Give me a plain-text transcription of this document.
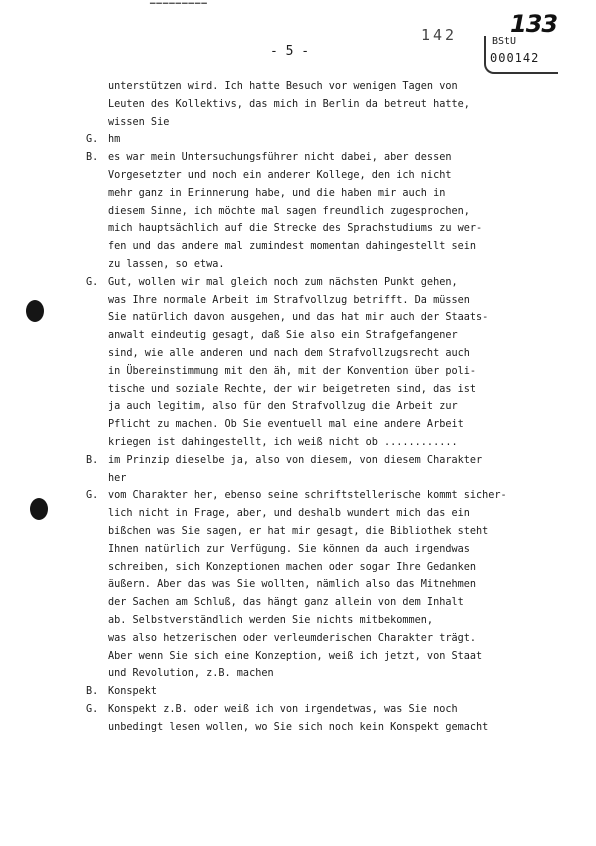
▔▔▔▔▔▔▔▔▔
- 5 -
142	BStU
000142
133
unterstützen wird. Ich hatte Besuch vor wenigen Tagen von
Leuten des Kollektivs, das mich in Berlin da betreut hatte,
wissen Sie
G. hm
B. es war mein Untersuchungsführer nicht dabei, aber dessen
Vorgesetzter und noch ein anderer Kollege, den ich nicht
mehr ganz in Erinnerung habe, und die haben mir auch in
diesem Sinne, ich möchte mal sagen freundlich zugesprochen,
mich hauptsächlich auf die Strecke des Sprachstudiums zu wer-
fen und das andere mal zumindest momentan dahingestellt sein
zu lassen, so etwa.
G. Gut, wollen wir mal gleich noch zum nächsten Punkt gehen,
was Ihre normale Arbeit im Strafvollzug betrifft. Da müssen
Sie natürlich davon ausgehen, und das hat mir auch der Staats-
anwalt eindeutig gesagt, daß Sie also ein Strafgefangener
sind, wie alle anderen und nach dem Strafvollzugsrecht auch
in Übereinstimmung mit den äh, mit der Konvention über poli-
tische und soziale Rechte, der wir beigetreten sind, das ist
ja auch legitim, also für den Strafvollzug die Arbeit zur
Pflicht zu machen. Ob Sie eventuell mal eine andere Arbeit
kriegen ist dahingestellt, ich weiß nicht ob ............
B. im Prinzip dieselbe ja, also von diesem, von diesem Charakter
her
G. vom Charakter her, ebenso seine schriftstellerische kommt sicher-
lich nicht in Frage, aber, und deshalb wundert mich das ein
bißchen was Sie sagen, er hat mir gesagt, die Bibliothek steht
Ihnen natürlich zur Verfügung. Sie können da auch irgendwas
schreiben, sich Konzeptionen machen oder sogar Ihre Gedanken
äußern. Aber das was Sie wollten, nämlich also das Mitnehmen
der Sachen am Schluß, das hängt ganz allein von dem Inhalt
ab. Selbstverständlich werden Sie nichts mitbekommen,
was also hetzerischen oder verleumderischen Charakter trägt.
Aber wenn Sie sich eine Konzeption, weiß ich jetzt, von Staat
und Revolution, z.B. machen
B. Konspekt
G. Konspekt z.B. oder weiß ich von irgendetwas, was Sie noch
unbedingt lesen wollen, wo Sie sich noch kein Konspekt gemacht
